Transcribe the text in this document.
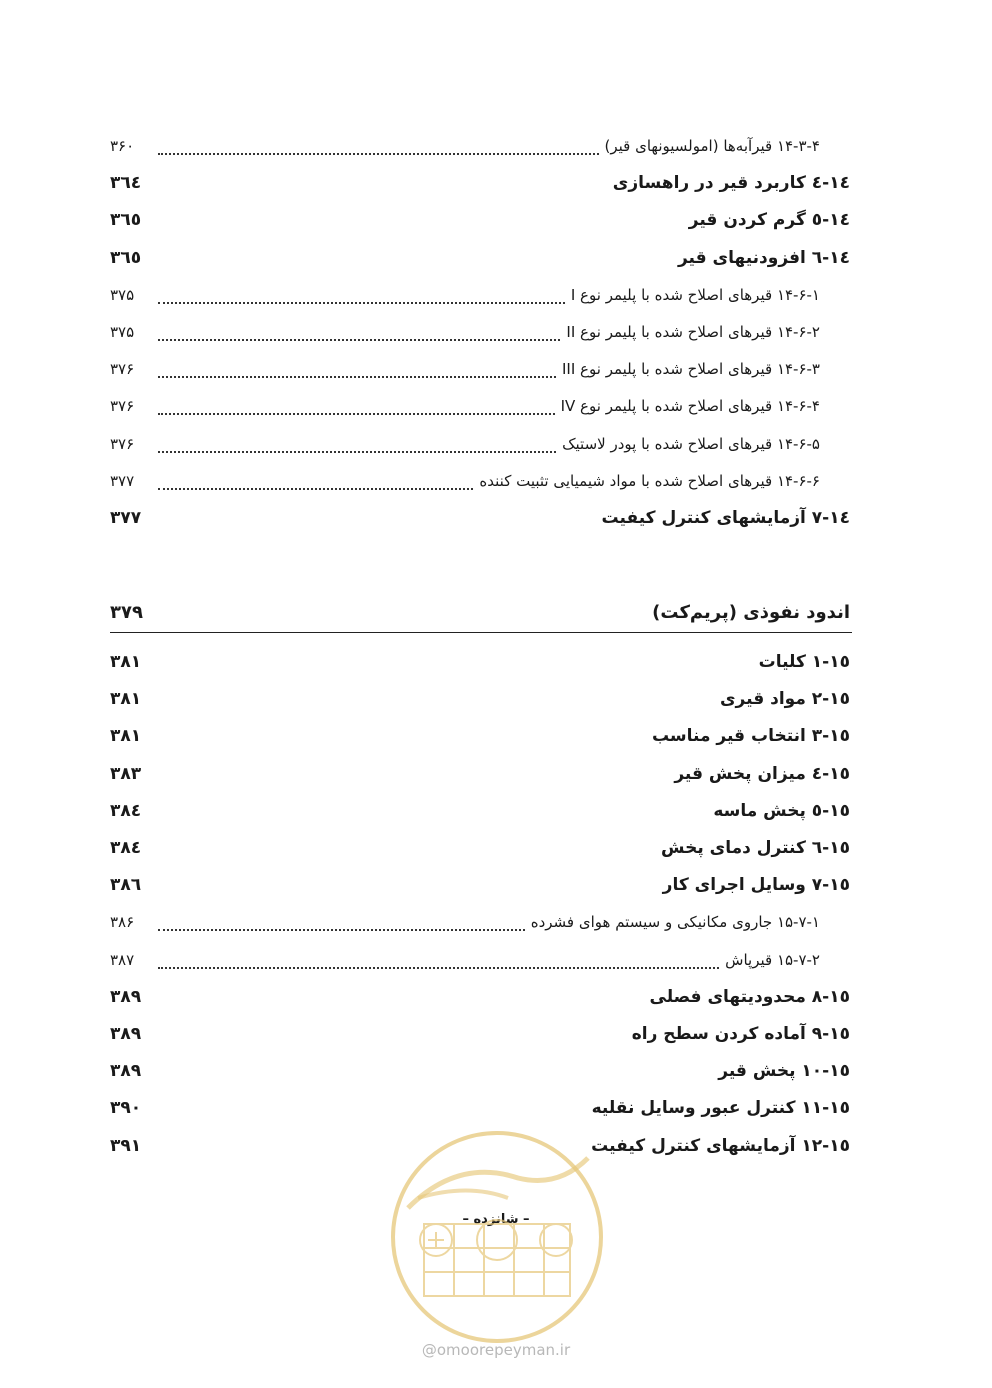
۱۴-۳-۴ قیرآبه‌ها (امولسیونهای قیر)
۳۶۰
۱٤-٤ کاربرد قیر در راهسازی
۳٦٤
۱٤-٥ گرم کردن قیر
۳٦٥
۱٤-٦ افزودنیهای قیر
۳٦٥
۱۴-۶-۱ قیرهای اصلاح شده با پلیمر نوع I
۳۷۵
۱۴-۶-۲ قیرهای اصلاح شده با پلیمر نوع II
۳۷۵
۱۴-۶-۳ قیرهای اصلاح شده با پلیمر نوع III
۳۷۶
۱۴-۶-۴ قیرهای اصلاح شده با پلیمر نوع IV
۳۷۶
۱۴-۶-۵ قیرهای اصلاح شده با پودر لاستیک
۳۷۶
۱۴-۶-۶ قیرهای اصلاح شده با مواد شیمیایی تثبیت کننده
۳۷۷
۱٤-۷ آزمایشهای کنترل کیفیت
۳۷۷
اندود نفوذی (پریم‌کت)
۳۷۹
۱٥-۱ کلیات
۳۸۱
۱٥-۲ مواد قیری
۳۸۱
۱٥-۳ انتخاب قیر مناسب
۳۸۱
۱٥-٤ میزان پخش قیر
۳۸۳
۱٥-٥ پخش ماسه
۳۸٤
۱٥-٦ کنترل دمای پخش
۳۸٤
۱٥-۷ وسایل اجرای کار
۳۸٦
۱۵-۷-۱ جاروی مکانیکی و سیستم هوای فشرده
۳۸۶
۱۵-۷-۲ قیرپاش
۳۸۷
۱٥-۸ محدودیتهای فصلی
۳۸۹
۱٥-۹ آماده کردن سطح راه
۳۸۹
۱٥-۱۰ پخش قیر
۳۸۹
۱٥-۱۱ کنترل عبور وسایل نقلیه
۳۹۰
۱٥-۱۲ آزمایشهای کنترل کیفیت
۳۹۱
– شانزده –
@omoorepeyman.ir
